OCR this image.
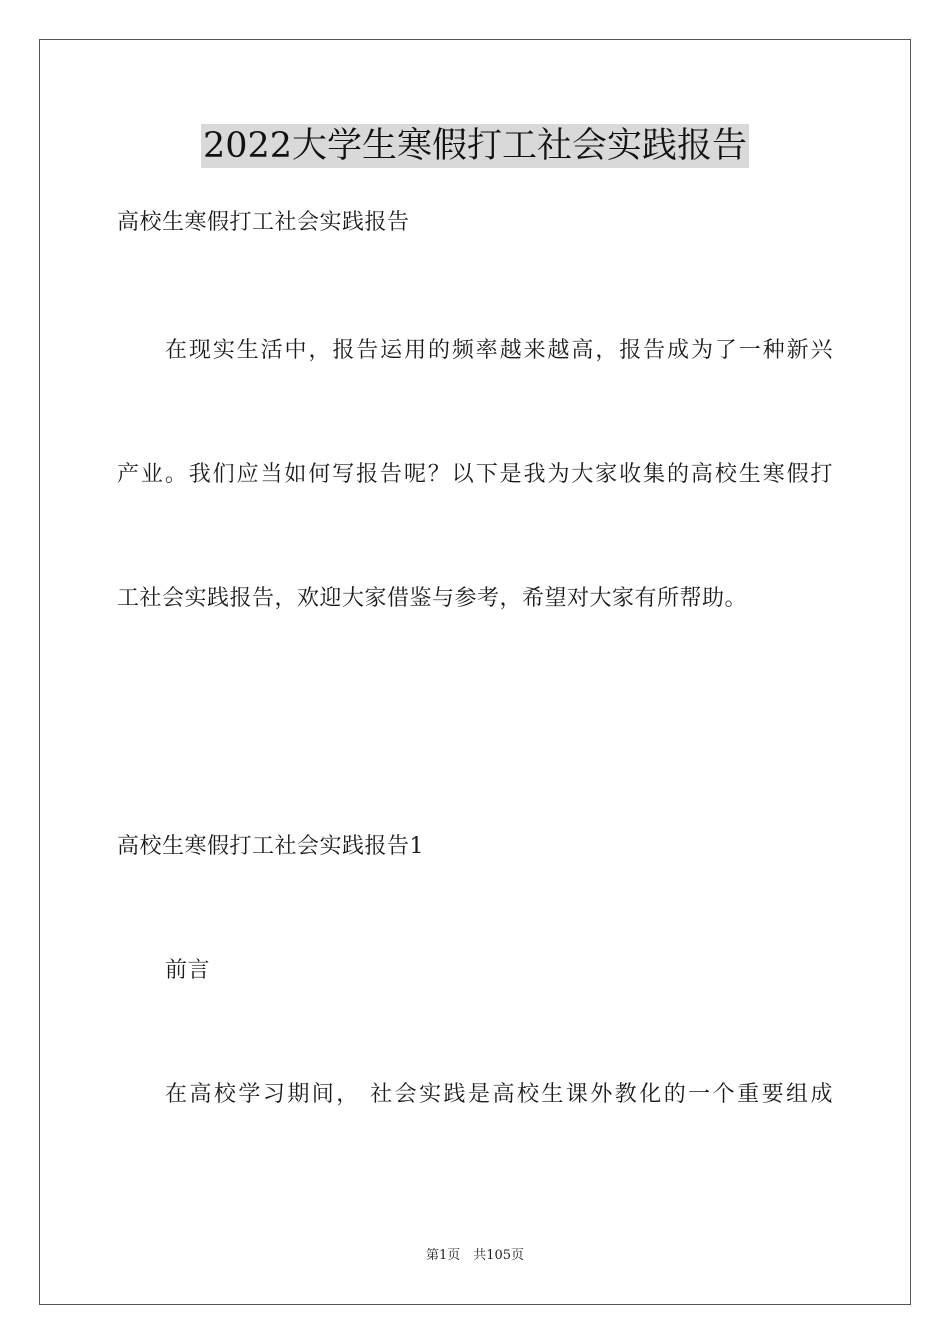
2022大学生寒假打工社会实践报告
高校生寒假打工社会实践报告
在现实生活中，报告运用的频率越来越高，报告成为了一种新兴
产业。我们应当如何写报告呢？以下是我为大家收集的高校生寒假打
工社会实践报告，欢迎大家借鉴与参考，希望对大家有所帮助。
高校生寒假打工社会实践报告1
前言
在高校学习期间， 社会实践是高校生课外教化的一个重要组成
第1页　共105页
